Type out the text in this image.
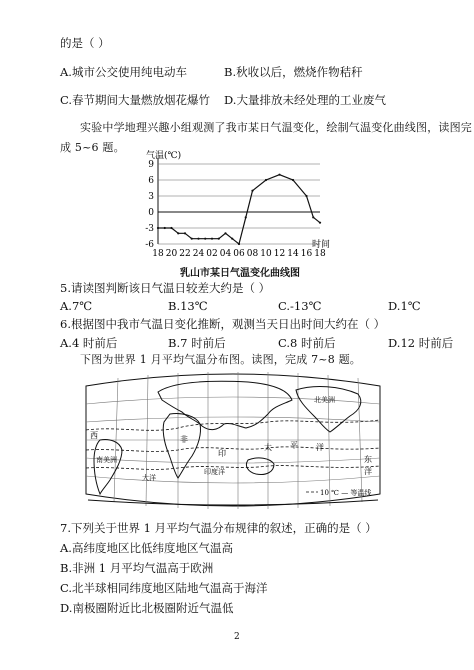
的是（ ）
A.城市公交使用纯电动车	B.秋收以后，燃烧作物秸秆
C.春节期间大量燃放烟花爆竹 D.大量排放未经处理的工业废气
实验中学地理兴趣小组观测了我市某日气温变化，绘制气温变化曲线图，读图完
成 5~6 题。
气温(℃)
9
6
3
0
-3
-6
18 20 22 24 02 04 06 08 10 12 14 16 18
时间
乳山市某日气温变化曲线图
5.请读图判断该日气温日较差大约是（ ）
A.7℃	B.13℃	C.-13℃	D.1℃
6.根据图中我市气温日变化推断，观测当天日出时间大约在（ ）
A.4 时前后	B.7 时前后	C.8 时前后	D.12 时前后
下图为世界 1 月平均气温分布图。读图，完成 7~8 题。
西
印
太 平 洋
东
洋
南美洲
北美洲
印度洋
非
大洋
10 ℃ — 等温线
7.下列关于世界 1 月平均气温分布规律的叙述，正确的是（ ）
A.高纬度地区比低纬度地区气温高
B.非洲 1 月平均气温高于欧洲
C.北半球相同纬度地区陆地气温高于海洋
D.南极圈附近比北极圈附近气温低
2
